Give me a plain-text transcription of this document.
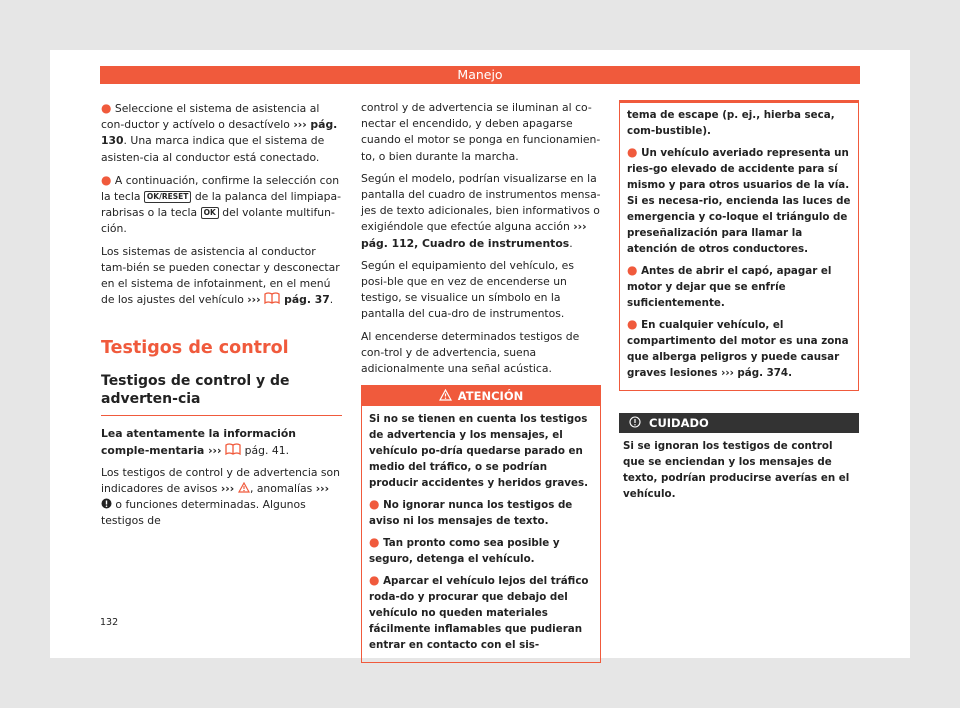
Manejo

● Seleccione el sistema de asistencia al con-ductor y actívelo o desactívelo ››› pág. 130. Una marca indica que el sistema de asisten-cia al conductor está conectado.

● A continuación, confirme la selección con la tecla OK/RESET de la palanca del limpiapa-rabrisas o la tecla OK del volante multifun-ción.

Los sistemas de asistencia al conductor tam-bién se pueden conectar y desconectar en el sistema de infotainment, en el menú de los ajustes del vehículo ›››  pág. 37.

Testigos de control
Testigos de control y de adverten-cia

Lea atentamente la información comple-mentaria ›››  pág. 41.

Los testigos de control y de advertencia son indicadores de avisos ››› , anomalías ›››  o funciones determinadas. Algunos testigos de

control y de advertencia se iluminan al co-nectar el encendido, y deben apagarse cuando el motor se ponga en funcionamien-to, o bien durante la marcha.

Según el modelo, podrían visualizarse en la pantalla del cuadro de instrumentos mensa-jes de texto adicionales, bien informativos o exigiéndole que efectúe alguna acción ››› pág. 112, Cuadro de instrumentos.

Según el equipamiento del vehículo, es posi-ble que en vez de encenderse un testigo, se visualice un símbolo en la pantalla del cua-dro de instrumentos.

Al encenderse determinados testigos de con-trol y de advertencia, suena adicionalmente una señal acústica.

ATENCIÓN

Si no se tienen en cuenta los testigos de advertencia y los mensajes, el vehículo po-dría quedarse parado en medio del tráfico, o se podrían producir accidentes y heridos graves.

● No ignorar nunca los testigos de aviso ni los mensajes de texto.

● Tan pronto como sea posible y seguro, detenga el vehículo.

● Aparcar el vehículo lejos del tráfico roda-do y procurar que debajo del vehículo no queden materiales fácilmente inflamables que pudieran entrar en contacto con el sis-

tema de escape (p. ej., hierba seca, com-bustible).

● Un vehículo averiado representa un ries-go elevado de accidente para sí mismo y para otros usuarios de la vía. Si es necesa-rio, encienda las luces de emergencia y co-loque el triángulo de preseñalización para llamar la atención de otros conductores.

● Antes de abrir el capó, apagar el motor y dejar que se enfríe suficientemente.

● En cualquier vehículo, el compartimento del motor es una zona que alberga peligros y puede causar graves lesiones ››› pág. 374.

CUIDADO
Si se ignoran los testigos de control que se enciendan y los mensajes de texto, podrían producirse averías en el vehículo.
132
